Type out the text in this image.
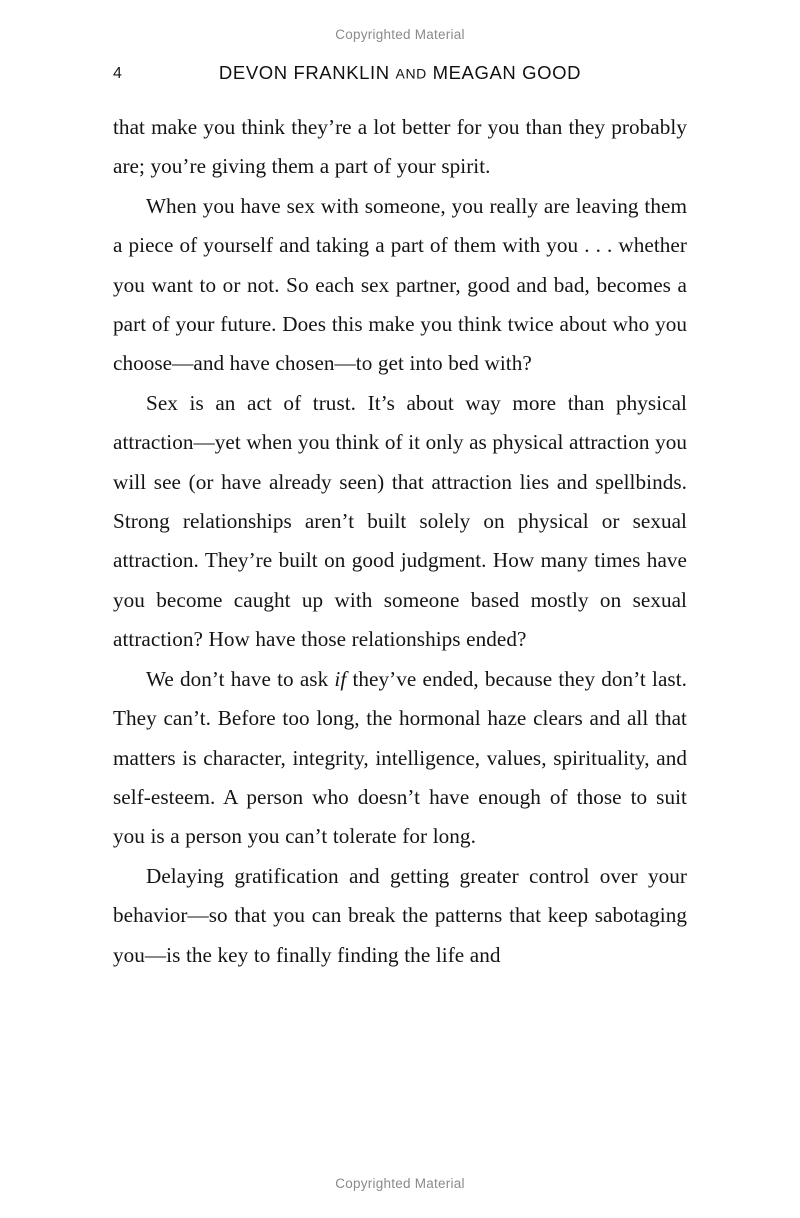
Copyrighted Material
4	DEVON FRANKLIN AND MEAGAN GOOD

that make you think they’re a lot better for you than they probably are; you’re giving them a part of your spirit.

When you have sex with someone, you really are leaving them a piece of yourself and taking a part of them with you . . . whether you want to or not. So each sex partner, good and bad, becomes a part of your future. Does this make you think twice about who you choose—and have chosen—to get into bed with?

Sex is an act of trust. It’s about way more than physical attraction—yet when you think of it only as physical attraction you will see (or have already seen) that attraction lies and spellbinds. Strong relationships aren’t built solely on physical or sexual attraction. They’re built on good judgment. How many times have you become caught up with someone based mostly on sexual attraction? How have those relationships ended?

We don’t have to ask if they’ve ended, because they don’t last. They can’t. Before too long, the hormonal haze clears and all that matters is character, integrity, intelligence, values, spirituality, and self-esteem. A person who doesn’t have enough of those to suit you is a person you can’t tolerate for long.

Delaying gratification and getting greater control over your behavior—so that you can break the patterns that keep sabotaging you—is the key to finally finding the life and

Copyrighted Material
